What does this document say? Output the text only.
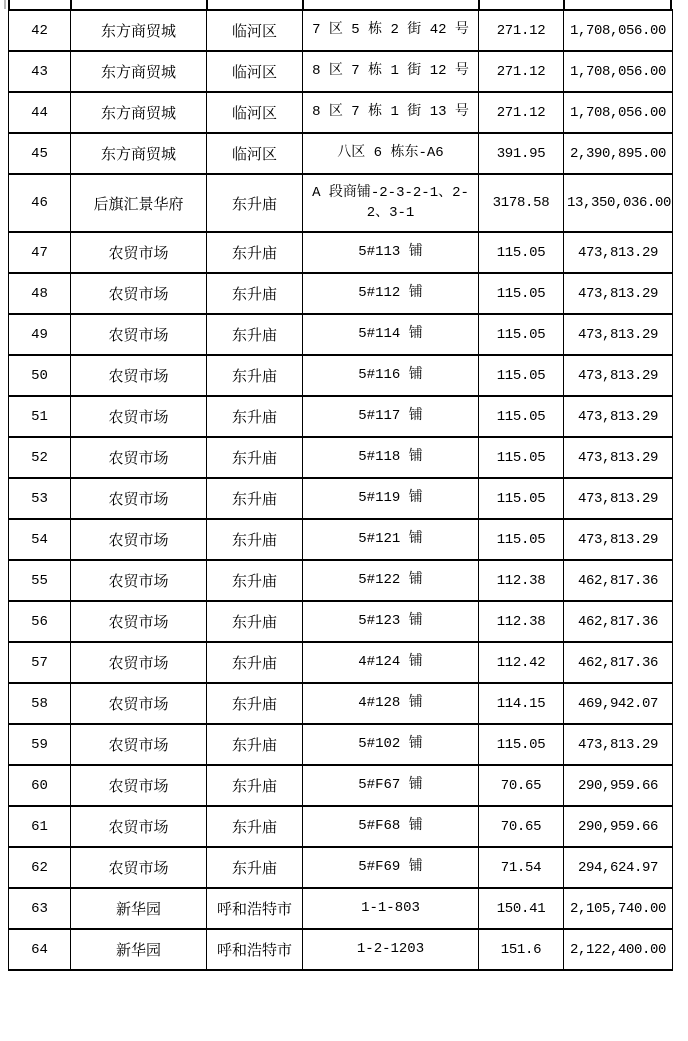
42	东方商贸城	临河区	7 区 5 栋 2 街 42 号	271.12	1,708,056.00
43	东方商贸城	临河区	8 区 7 栋 1 街 12 号	271.12	1,708,056.00
44	东方商贸城	临河区	8 区 7 栋 1 街 13 号	271.12	1,708,056.00
45	东方商贸城	临河区	八区 6 栋东-A6	391.95	2,390,895.00
46	后旗汇景华府	东升庙	A 段商铺-2-3-2-1、2-2、3-1	3178.58	13,350,036.00
47	农贸市场	东升庙	5#113 铺	115.05	473,813.29
48	农贸市场	东升庙	5#112 铺	115.05	473,813.29
49	农贸市场	东升庙	5#114 铺	115.05	473,813.29
50	农贸市场	东升庙	5#116 铺	115.05	473,813.29
51	农贸市场	东升庙	5#117 铺	115.05	473,813.29
52	农贸市场	东升庙	5#118 铺	115.05	473,813.29
53	农贸市场	东升庙	5#119 铺	115.05	473,813.29
54	农贸市场	东升庙	5#121 铺	115.05	473,813.29
55	农贸市场	东升庙	5#122 铺	112.38	462,817.36
56	农贸市场	东升庙	5#123 铺	112.38	462,817.36
57	农贸市场	东升庙	4#124 铺	112.42	462,817.36
58	农贸市场	东升庙	4#128 铺	114.15	469,942.07
59	农贸市场	东升庙	5#102 铺	115.05	473,813.29
60	农贸市场	东升庙	5#F67 铺	70.65	290,959.66
61	农贸市场	东升庙	5#F68 铺	70.65	290,959.66
62	农贸市场	东升庙	5#F69 铺	71.54	294,624.97
63	新华园	呼和浩特市	1-1-803	150.41	2,105,740.00
64	新华园	呼和浩特市	1-2-1203	151.6	2,122,400.00
